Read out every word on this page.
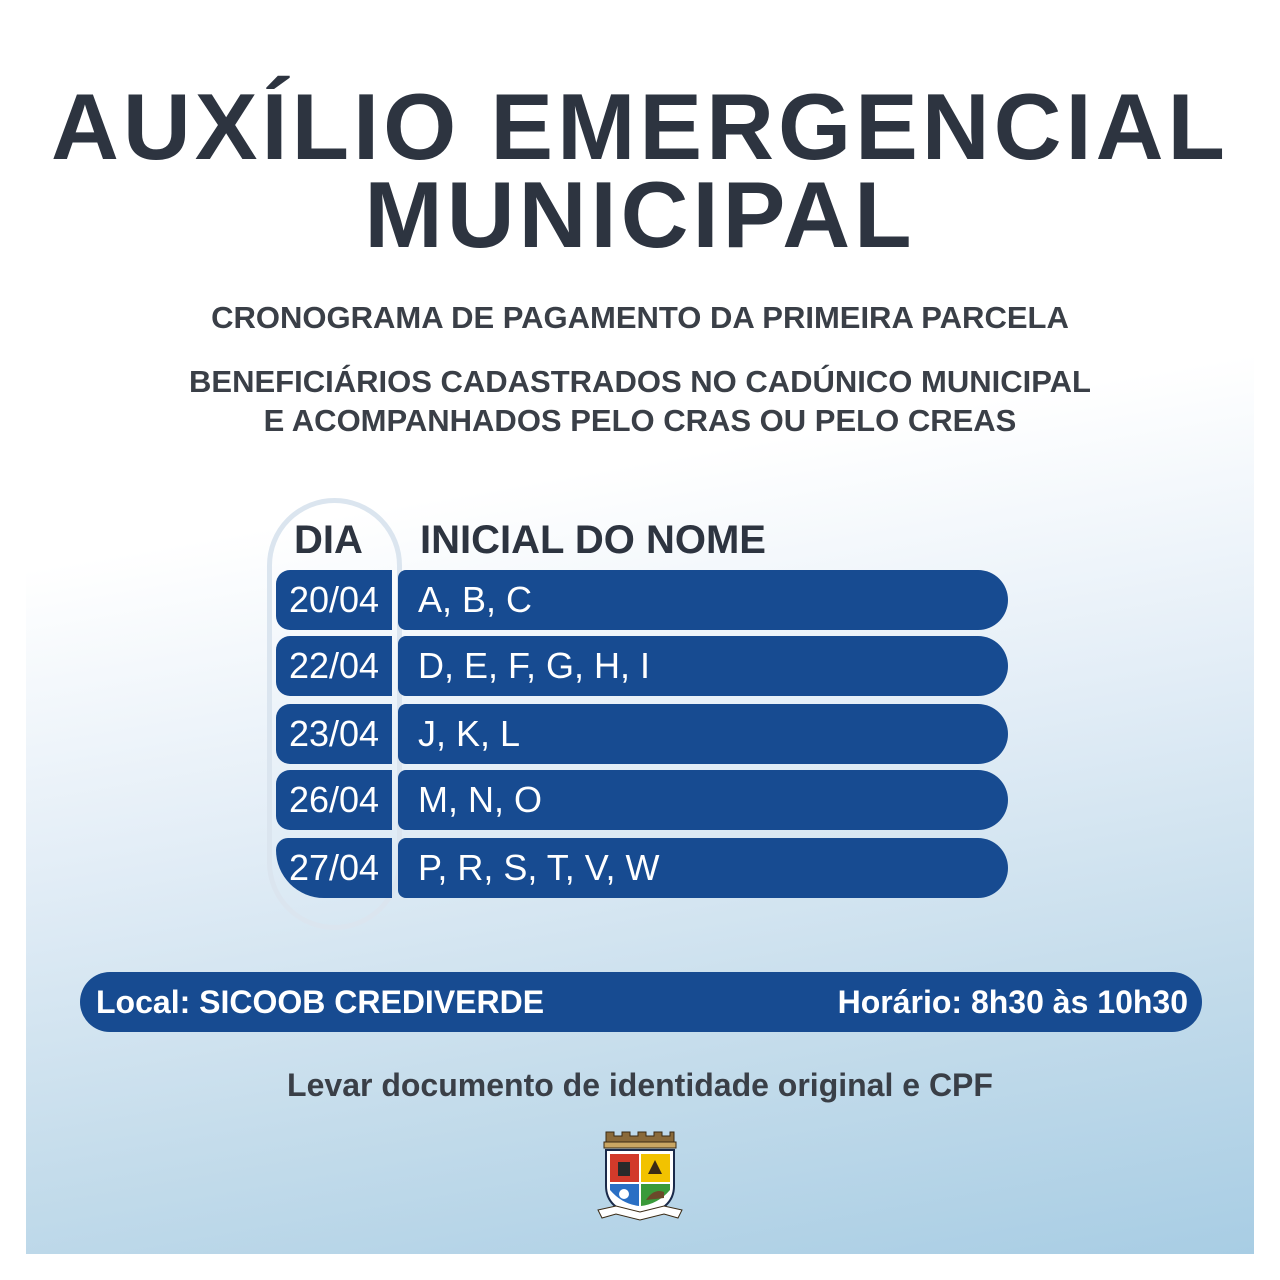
AUXÍLIO EMERGENCIAL
MUNICIPAL
CRONOGRAMA DE PAGAMENTO DA PRIMEIRA PARCELA
BENEFICIÁRIOS CADASTRADOS NO CADÚNICO MUNICIPAL
E ACOMPANHADOS PELO CRAS OU PELO CREAS
DIA INICIAL DO NOME
20/04	A, B, C
22/04	D, E, F, G, H, I
23/04	J, K, L
26/04	M, N, O
27/04	P, R, S, T, V, W
Local: SICOOB CREDIVERDE	Horário: 8h30 às 10h30
Levar documento de identidade original e CPF
